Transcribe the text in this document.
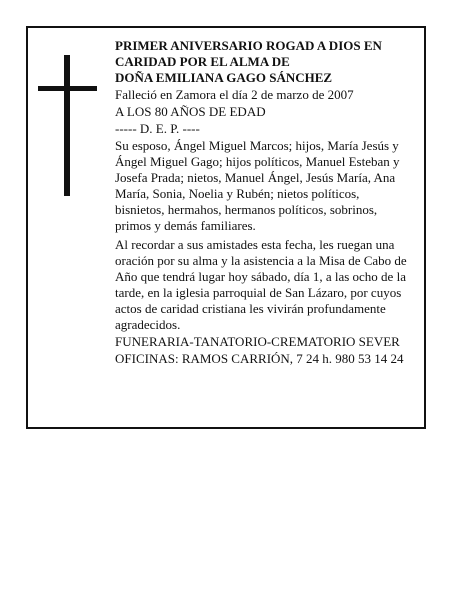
PRIMER ANIVERSARIO ROGAD A DIOS EN
CARIDAD POR EL ALMA DE
DOÑA EMILIANA GAGO SÁNCHEZ
Falleció en Zamora el día 2 de marzo de 2007
A LOS 80 AÑOS DE EDAD
----- D. E. P. ----
Su esposo, Ángel Miguel Marcos; hijos, María Jesús y
Ángel Miguel Gago; hijos políticos, Manuel Esteban y
Josefa Prada; nietos, Manuel Ángel, Jesús María, Ana
María, Sonia, Noelia y Rubén; nietos políticos,
bisnietos, hermahos, hermanos políticos, sobrinos,
primos y demás familiares.
Al recordar a sus amistades esta fecha, les ruegan una
oración por su alma y la asistencia a la Misa de Cabo de
Año que tendrá lugar hoy sábado, día 1, a las ocho de la
tarde, en la iglesia parroquial de San Lázaro, por cuyos
actos de caridad cristiana les vivirán profundamente
agradecidos.
FUNERARIA-TANATORIO-CREMATORIO SEVER
OFICINAS: RAMOS CARRIÓN, 7 24 h. 980 53 14 24
